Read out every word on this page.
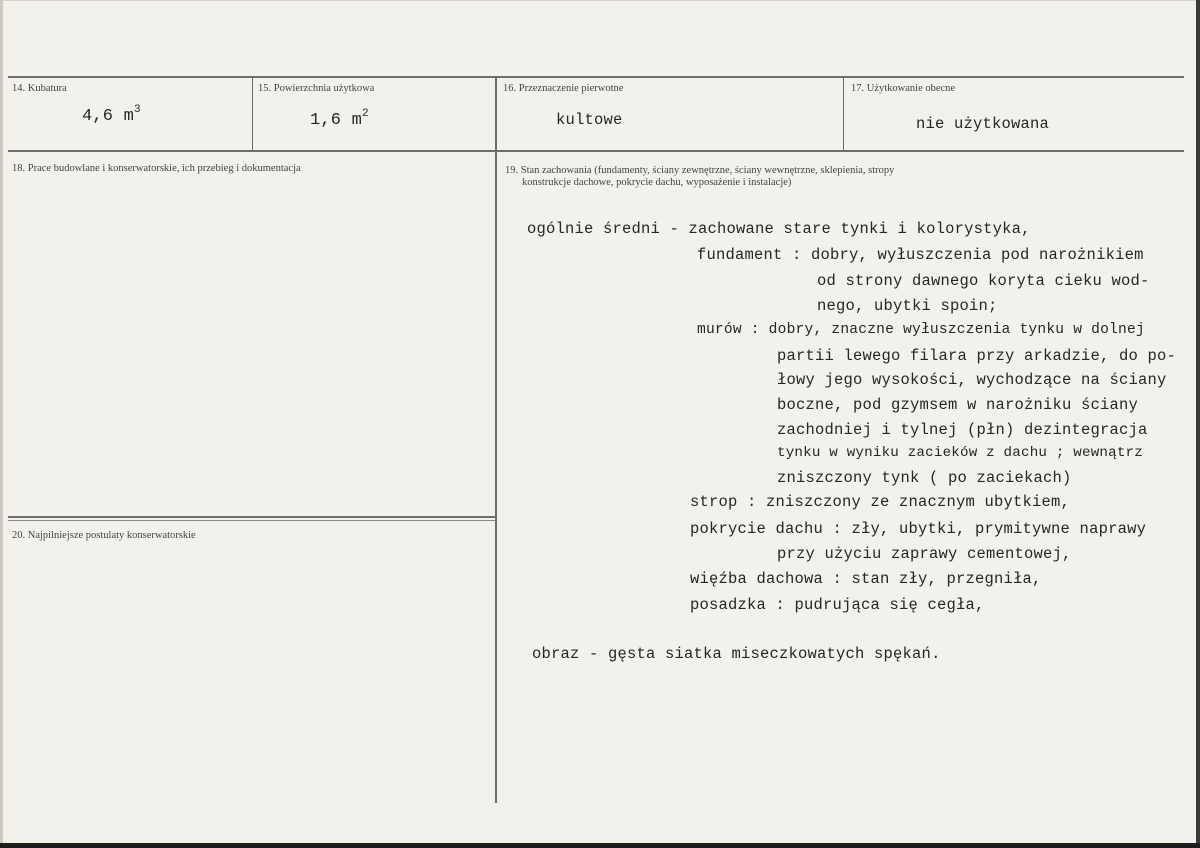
14. Kubatura
4,6 $m^3$
15. Powierzchnia użytkowa
1,6 $m^2$
16. Przeznaczenie pierwotne
kultowe
17. Użytkowanie obecne
nie użytkowana
18. Prace budowlane i konserwatorskie, ich przebieg i dokumentacja
20. Najpilniejsze postulaty konserwatorskie
19. Stan zachowania (fundamenty, ściany zewnętrzne, ściany wewnętrzne, sklepienia, stropy
konstrukcje dachowe, pokrycie dachu, wyposażenie i instalacje)
ogólnie średni - zachowane stare tynki i kolorystyka,
fundament : dobry, wyłuszczenia pod narożnikiem
od strony dawnego koryta cieku wod-
nego, ubytki spoin;
murów : dobry, znaczne wyłuszczenia tynku w dolnej
partii lewego filara przy arkadzie, do po-
łowy jego wysokości, wychodzące na ściany
boczne, pod gzymsem w narożniku ściany
zachodniej i tylnej (płn) dezintegracja
tynku w wyniku zacieków z dachu ; wewnątrz
zniszczony tynk ( po zaciekach)
strop : zniszczony ze znacznym ubytkiem,
pokrycie dachu : zły, ubytki, prymitywne naprawy
przy użyciu zaprawy cementowej,
więźba dachowa : stan zły, przegniła,
posadzka : pudrująca się cegła,
obraz - gęsta siatka miseczkowatych spękań.
